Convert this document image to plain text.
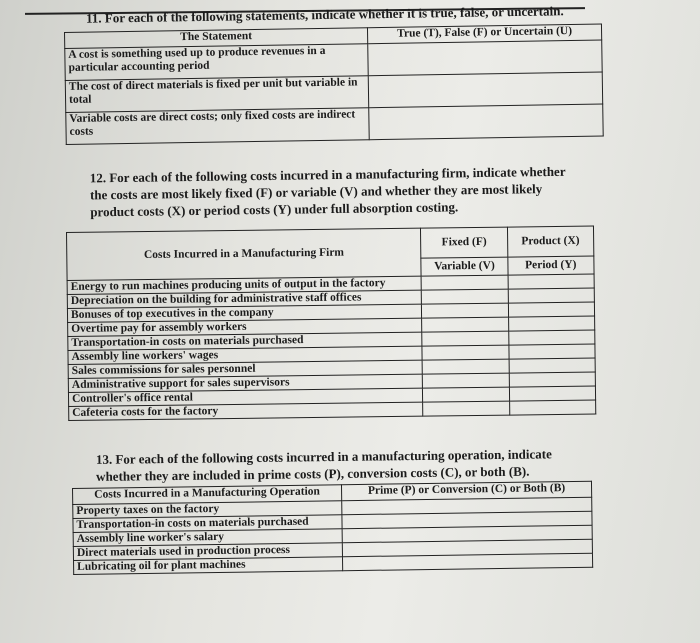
11. For each of the following statements, indicate whether it is true, false, or uncertain.
The Statement	True (T), False (F) or Uncertain (U)
A cost is something used up to produce revenues in a particular accounting period	
The cost of direct materials is fixed per unit but variable in total	
Variable costs are direct costs; only fixed costs are indirect costs	
12. For each of the following costs incurred in a manufacturing firm, indicate whether the costs are most likely fixed (F) or variable (V) and whether they are most likely product costs (X) or period costs (Y) under full absorption costing.
Costs Incurred in a Manufacturing Firm	Fixed (F)	Product (X)
	Variable (V)	Period (Y)
Energy to run machines producing units of output in the factory		
Depreciation on the building for administrative staff offices		
Bonuses of top executives in the company		
Overtime pay for assembly workers		
Transportation-in costs on materials purchased		
Assembly line workers' wages		
Sales commissions for sales personnel		
Administrative support for sales supervisors		
Controller's office rental		
Cafeteria costs for the factory		
13. For each of the following costs incurred in a manufacturing operation, indicate whether they are included in prime costs (P), conversion costs (C), or both (B).
Costs Incurred in a Manufacturing Operation	Prime (P) or Conversion (C) or Both (B)
Property taxes on the factory	
Transportation-in costs on materials purchased	
Assembly line worker's salary	
Direct materials used in production process	
Lubricating oil for plant machines	
